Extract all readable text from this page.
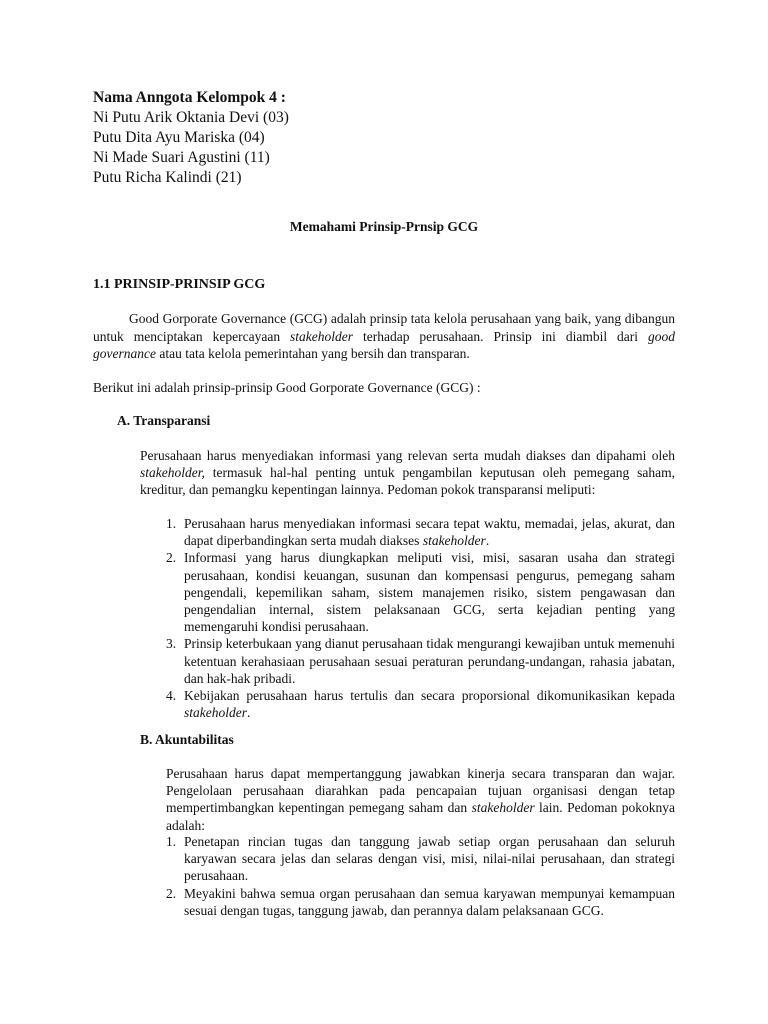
Nama Anngota Kelompok 4 :
Ni Putu Arik Oktania Devi (03)
Putu Dita Ayu Mariska (04)
Ni Made Suari Agustini (11)
Putu Richa Kalindi (21)
Memahami Prinsip-Prnsip GCG
1.1 PRINSIP-PRINSIP GCG

Good Gorporate Governance (GCG) adalah prinsip tata kelola perusahaan yang baik, yang dibangun untuk menciptakan kepercayaan stakeholder terhadap perusahaan. Prinsip ini diambil dari good governance atau tata kelola pemerintahan yang bersih dan transparan.

Berikut ini adalah prinsip-prinsip Good Gorporate Governance (GCG) :

A. Transparansi

Perusahaan harus menyediakan informasi yang relevan serta mudah diakses dan dipahami oleh stakeholder, termasuk hal-hal penting untuk pengambilan keputusan oleh pemegang saham, kreditur, dan pemangku kepentingan lainnya. Pedoman pokok transparansi meliputi:

1. Perusahaan harus menyediakan informasi secara tepat waktu, memadai, jelas, akurat, dan dapat diperbandingkan serta mudah diakses stakeholder.
2. Informasi yang harus diungkapkan meliputi visi, misi, sasaran usaha dan strategi perusahaan, kondisi keuangan, susunan dan kompensasi pengurus, pemegang saham pengendali, kepemilikan saham, sistem manajemen risiko, sistem pengawasan dan pengendalian internal, sistem pelaksanaan GCG, serta kejadian penting yang memengaruhi kondisi perusahaan.
3. Prinsip keterbukaan yang dianut perusahaan tidak mengurangi kewajiban untuk memenuhi ketentuan kerahasiaan perusahaan sesuai peraturan perundang-undangan, rahasia jabatan, dan hak-hak pribadi.
4. Kebijakan perusahaan harus tertulis dan secara proporsional dikomunikasikan kepada stakeholder.
B. Akuntabilitas

Perusahaan harus dapat mempertanggung jawabkan kinerja secara transparan dan wajar. Pengelolaan perusahaan diarahkan pada pencapaian tujuan organisasi dengan tetap mempertimbangkan kepentingan pemegang saham dan stakeholder lain. Pedoman pokoknya adalah:

1. Penetapan rincian tugas dan tanggung jawab setiap organ perusahaan dan seluruh karyawan secara jelas dan selaras dengan visi, misi, nilai-nilai perusahaan, dan strategi perusahaan.
2. Meyakini bahwa semua organ perusahaan dan semua karyawan mempunyai kemampuan sesuai dengan tugas, tanggung jawab, dan perannya dalam pelaksanaan GCG.
